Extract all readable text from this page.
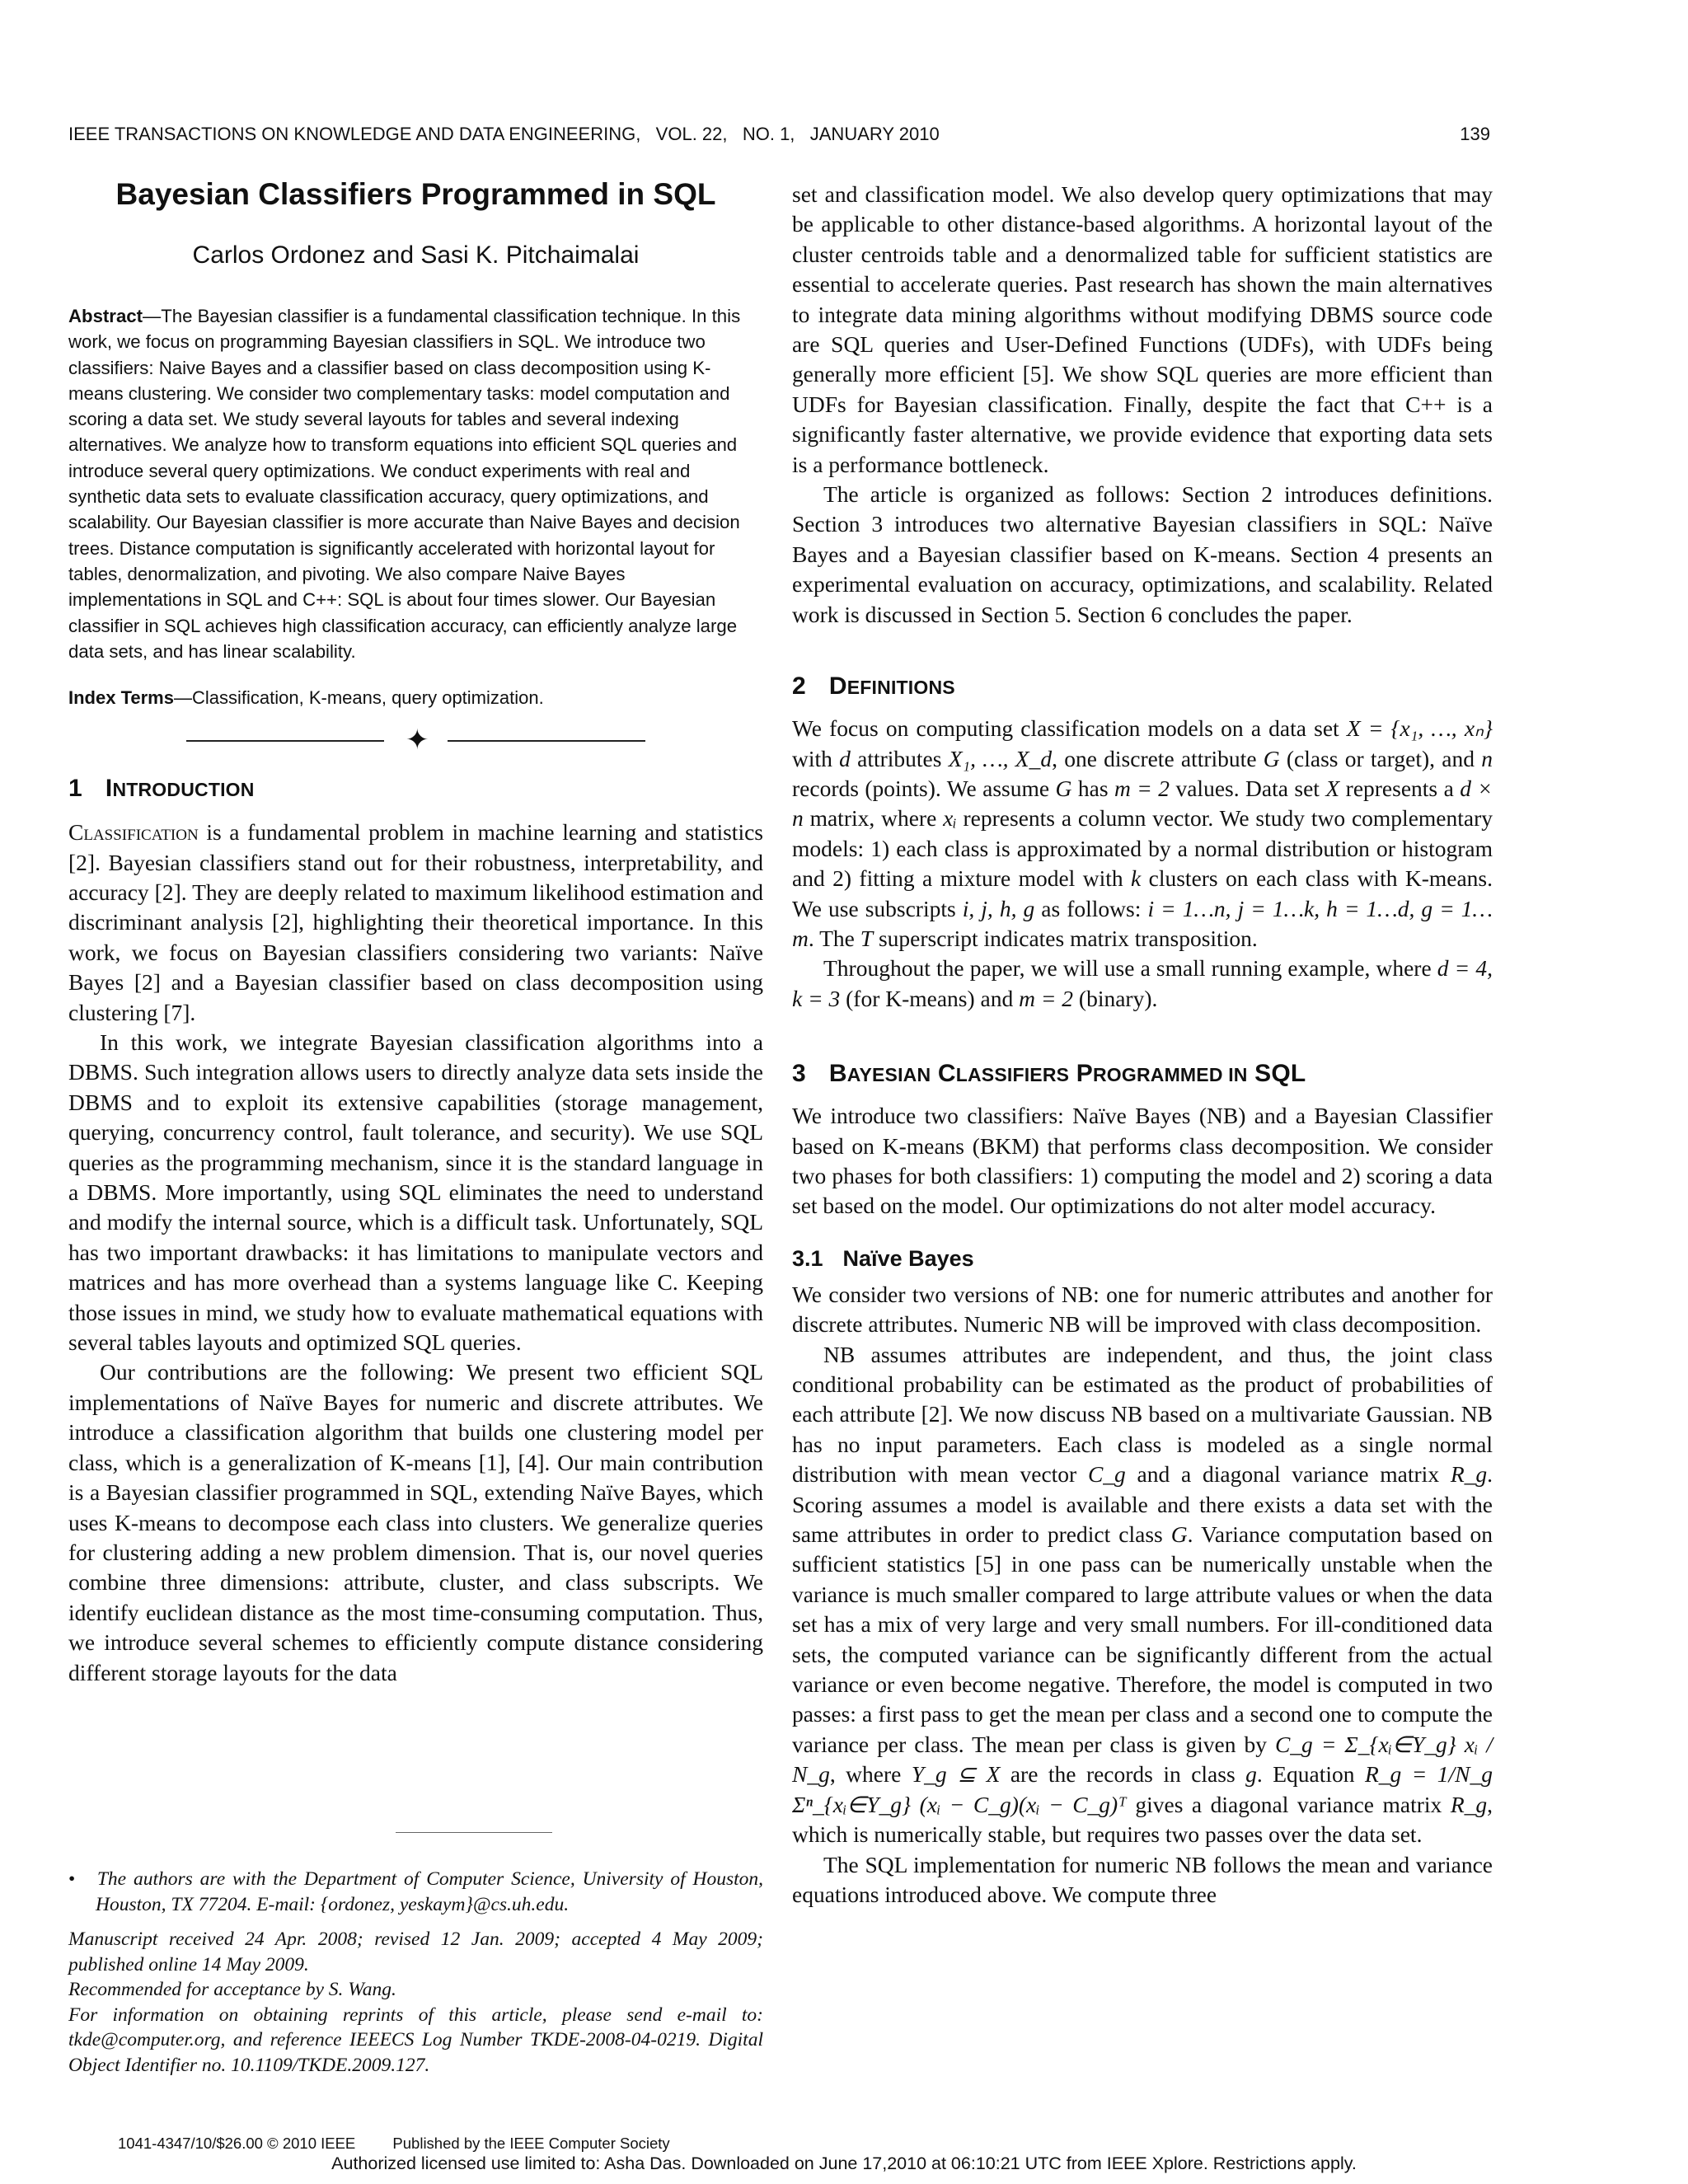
IEEE TRANSACTIONS ON KNOWLEDGE AND DATA ENGINEERING,   VOL. 22,   NO. 1,   JANUARY 2010	139
Bayesian Classifiers Programmed in SQL
Carlos Ordonez and Sasi K. Pitchaimalai
Abstract—The Bayesian classifier is a fundamental classification technique. In this work, we focus on programming Bayesian classifiers in SQL. We introduce two classifiers: Naive Bayes and a classifier based on class decomposition using K-means clustering. We consider two complementary tasks: model computation and scoring a data set. We study several layouts for tables and several indexing alternatives. We analyze how to transform equations into efficient SQL queries and introduce several query optimizations. We conduct experiments with real and synthetic data sets to evaluate classification accuracy, query optimizations, and scalability. Our Bayesian classifier is more accurate than Naive Bayes and decision trees. Distance computation is significantly accelerated with horizontal layout for tables, denormalization, and pivoting. We also compare Naive Bayes implementations in SQL and C++: SQL is about four times slower. Our Bayesian classifier in SQL achieves high classification accuracy, can efficiently analyze large data sets, and has linear scalability.
Index Terms—Classification, K-means, query optimization.
✦
1 INTRODUCTION

Classification is a fundamental problem in machine learning and statistics [2]. Bayesian classifiers stand out for their robustness, interpretability, and accuracy [2]. They are deeply related to maximum likelihood estimation and discriminant analysis [2], highlighting their theoretical importance. In this work, we focus on Bayesian classifiers considering two variants: Naïve Bayes [2] and a Bayesian classifier based on class decomposition using clustering [7].

In this work, we integrate Bayesian classification algorithms into a DBMS. Such integration allows users to directly analyze data sets inside the DBMS and to exploit its extensive capabilities (storage management, querying, concurrency control, fault tolerance, and security). We use SQL queries as the programming mechanism, since it is the standard language in a DBMS. More importantly, using SQL eliminates the need to understand and modify the internal source, which is a difficult task. Unfortunately, SQL has two important drawbacks: it has limitations to manipulate vectors and matrices and has more overhead than a systems language like C. Keeping those issues in mind, we study how to evaluate mathematical equations with several tables layouts and optimized SQL queries.

Our contributions are the following: We present two efficient SQL implementations of Naïve Bayes for numeric and discrete attributes. We introduce a classification algorithm that builds one clustering model per class, which is a generalization of K-means [1], [4]. Our main contribution is a Bayesian classifier programmed in SQL, extending Naïve Bayes, which uses K-means to decompose each class into clusters. We generalize queries for clustering adding a new problem dimension. That is, our novel queries combine three dimensions: attribute, cluster, and class subscripts. We identify euclidean distance as the most time-consuming computation. Thus, we introduce several schemes to efficiently compute distance considering different storage layouts for the data

• The authors are with the Department of Computer Science, University of Houston, Houston, TX 77204. E-mail: {ordonez, yeskaym}@cs.uh.edu.

Manuscript received 24 Apr. 2008; revised 12 Jan. 2009; accepted 4 May 2009; published online 14 May 2009.

Recommended for acceptance by S. Wang.

For information on obtaining reprints of this article, please send e-mail to: tkde@computer.org, and reference IEEECS Log Number TKDE-2008-04-0219. Digital Object Identifier no. 10.1109/TKDE.2009.127.

set and classification model. We also develop query optimizations that may be applicable to other distance-based algorithms. A horizontal layout of the cluster centroids table and a denormalized table for sufficient statistics are essential to accelerate queries. Past research has shown the main alternatives to integrate data mining algorithms without modifying DBMS source code are SQL queries and User-Defined Functions (UDFs), with UDFs being generally more efficient [5]. We show SQL queries are more efficient than UDFs for Bayesian classification. Finally, despite the fact that C++ is a significantly faster alternative, we provide evidence that exporting data sets is a performance bottleneck.

The article is organized as follows: Section 2 introduces definitions. Section 3 introduces two alternative Bayesian classifiers in SQL: Naïve Bayes and a Bayesian classifier based on K-means. Section 4 presents an experimental evaluation on accuracy, optimizations, and scalability. Related work is discussed in Section 5. Section 6 concludes the paper.

2 DEFINITIONS

We focus on computing classification models on a data set X = {x₁, …, xₙ} with d attributes X₁, …, X_d, one discrete attribute G (class or target), and n records (points). We assume G has m = 2 values. Data set X represents a d × n matrix, where xᵢ represents a column vector. We study two complementary models: 1) each class is approximated by a normal distribution or histogram and 2) fitting a mixture model with k clusters on each class with K-means. We use subscripts i, j, h, g as follows: i = 1…n, j = 1…k, h = 1…d, g = 1…m. The T superscript indicates matrix transposition.

Throughout the paper, we will use a small running example, where d = 4, k = 3 (for K-means) and m = 2 (binary).

3 BAYESIAN CLASSIFIERS PROGRAMMED IN SQL

We introduce two classifiers: Naïve Bayes (NB) and a Bayesian Classifier based on K-means (BKM) that performs class decomposition. We consider two phases for both classifiers: 1) computing the model and 2) scoring a data set based on the model. Our optimizations do not alter model accuracy.

3.1 Naïve Bayes

We consider two versions of NB: one for numeric attributes and another for discrete attributes. Numeric NB will be improved with class decomposition.

NB assumes attributes are independent, and thus, the joint class conditional probability can be estimated as the product of probabilities of each attribute [2]. We now discuss NB based on a multivariate Gaussian. NB has no input parameters. Each class is modeled as a single normal distribution with mean vector C_g and a diagonal variance matrix R_g. Scoring assumes a model is available and there exists a data set with the same attributes in order to predict class G. Variance computation based on sufficient statistics [5] in one pass can be numerically unstable when the variance is much smaller compared to large attribute values or when the data set has a mix of very large and very small numbers. For ill-conditioned data sets, the computed variance can be significantly different from the actual variance or even become negative. Therefore, the model is computed in two passes: a first pass to get the mean per class and a second one to compute the variance per class. The mean per class is given by C_g = Σ_{xᵢ∈Y_g} xᵢ / N_g, where Y_g ⊆ X are the records in class g. Equation R_g = 1/N_g Σⁿ_{xᵢ∈Y_g} (xᵢ − C_g)(xᵢ − C_g)ᵀ gives a diagonal variance matrix R_g, which is numerically stable, but requires two passes over the data set.

The SQL implementation for numeric NB follows the mean and variance equations introduced above. We compute three

1041-4347/10/$26.00 © 2010 IEEE Published by the IEEE Computer Society
Authorized licensed use limited to: Asha Das. Downloaded on June 17,2010 at 06:10:21 UTC from IEEE Xplore. Restrictions apply.
